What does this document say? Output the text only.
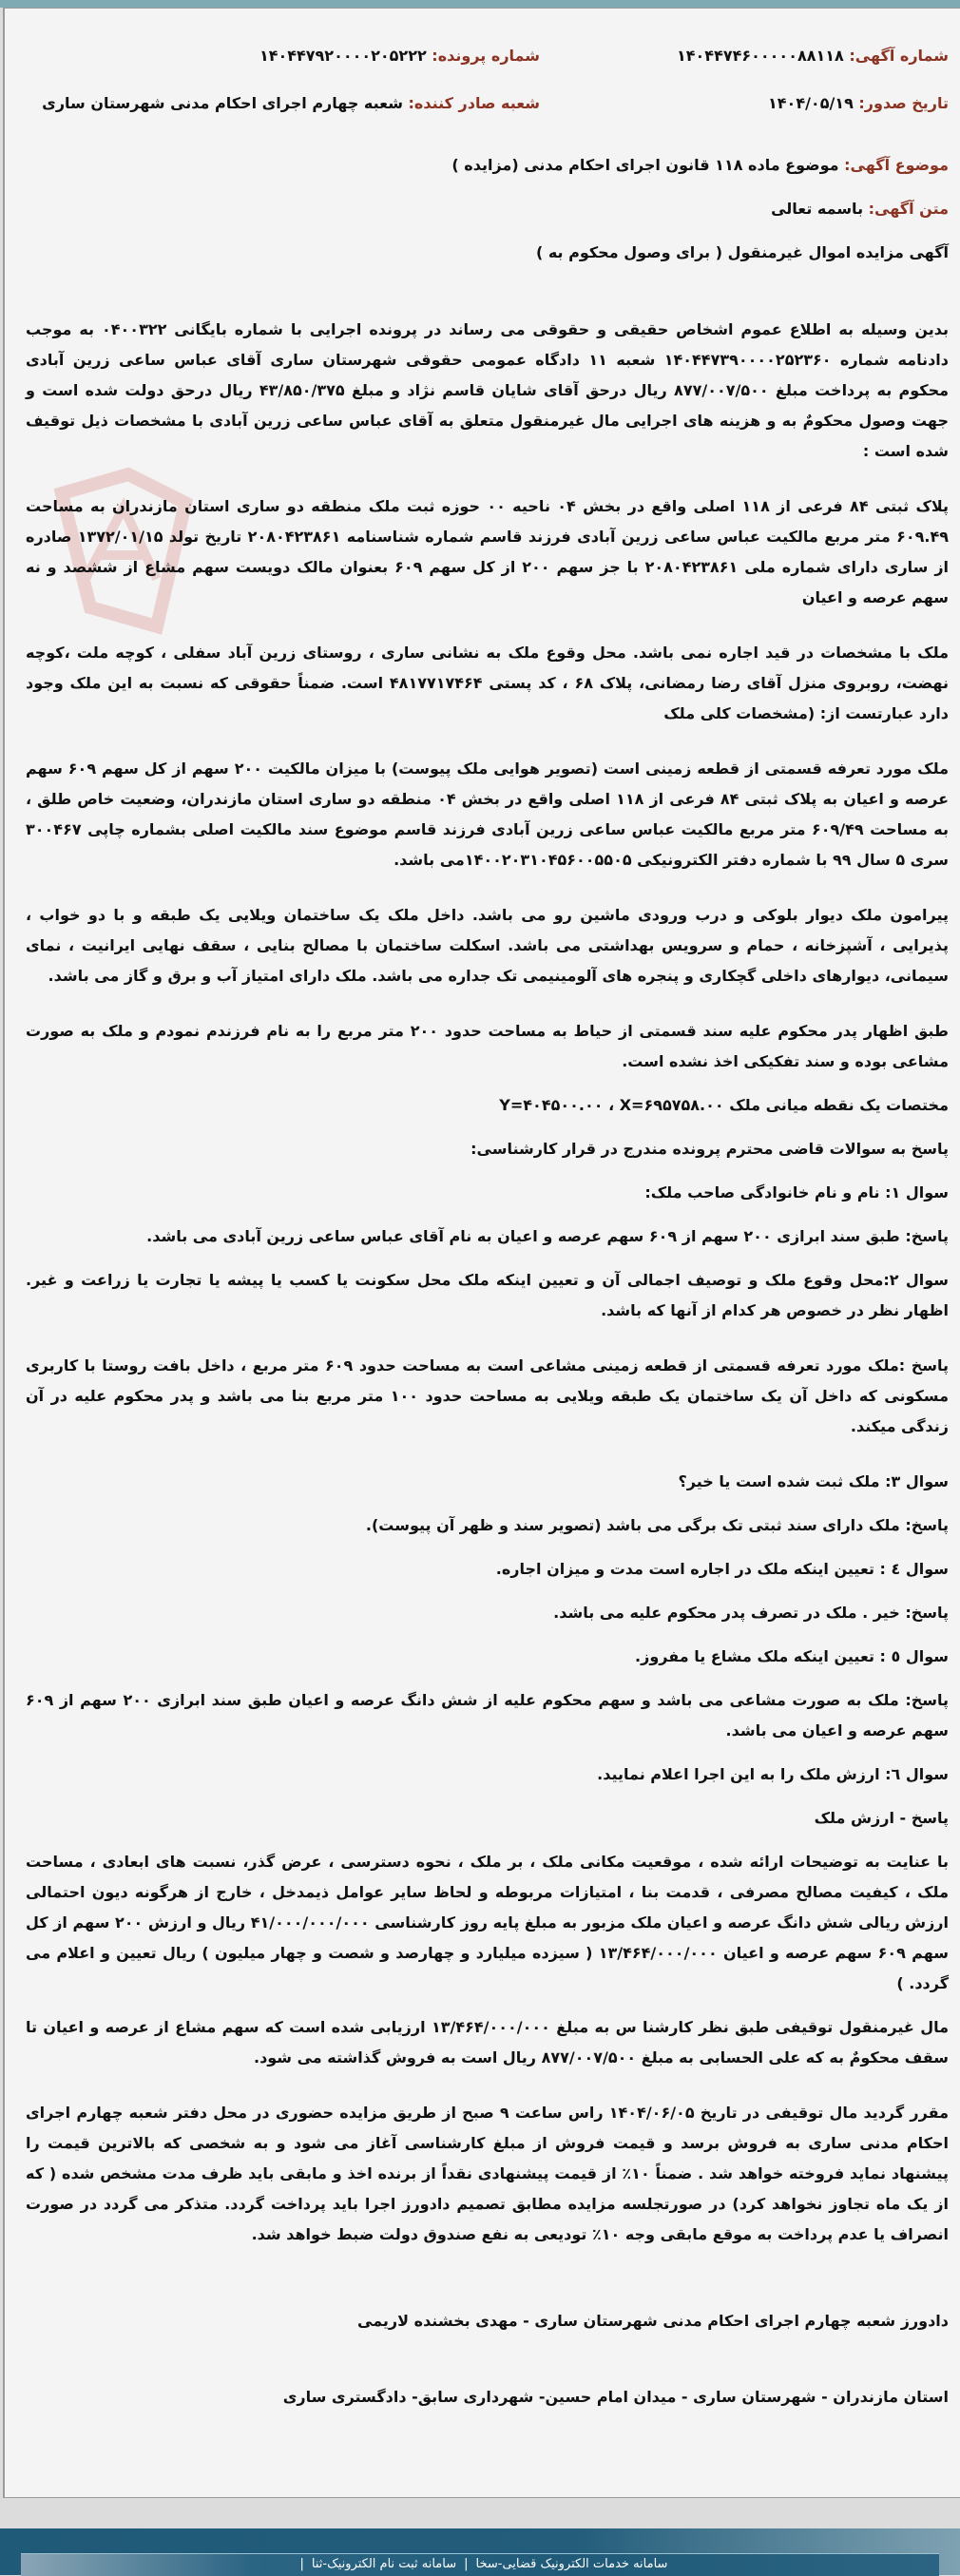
شماره آگهی: ۱۴۰۴۴۷۴۶۰۰۰۰۰۸۸۱۱۸
شماره پرونده: ۱۴۰۴۴۷۹۲۰۰۰۰۲۰۵۲۲۲
تاریخ صدور: ۱۴۰۴/۰۵/۱۹
شعبه صادر کننده: شعبه چهارم اجرای احکام مدنی شهرستان ساری
موضوع آگهی: موضوع ماده ۱۱۸ قانون اجرای احکام مدنی (مزایده )
متن آگهی: باسمه تعالی
آگهی مزایده اموال غیرمنقول ( برای وصول محکوم به )
بدین وسیله به اطلاع عموم اشخاص حقیقی و حقوقی می رساند در پرونده اجرایی با شماره بایگانی ۰۴۰۰۳۲۲ به موجب دادنامه شماره ۱۴۰۴۴۷۳۹۰۰۰۰۲۵۲۳۶۰ شعبه ۱۱ دادگاه عمومی حقوقی شهرستان ساری آقای عباس ساعی زرین آبادی محکوم به پرداخت مبلغ ۸۷۷/۰۰۷/۵۰۰ ریال درحق آقای شایان قاسم نژاد و مبلغ ۴۳/۸۵۰/۳۷۵ ریال درحق دولت شده است و جهت وصول محکومٌ به و هزینه های اجرایی مال غیرمنقول متعلق به آقای عباس ساعی زرین آبادی با مشخصات ذیل توقیف شده است :
پلاک ثبتی ۸۴ فرعی از ۱۱۸ اصلی واقع در بخش ۰۴ ناحیه ۰۰ حوزه ثبت ملک منطقه دو ساری استان مازندران به مساحت ۶۰۹.۴۹ متر مربع مالکیت عباس ساعی زرین آبادی فرزند قاسم شماره شناسنامه ۲۰۸۰۴۲۳۸۶۱ تاریخ تولد ۱۳۷۲/۰۱/۱۵ صادره از ساری دارای شماره ملی ۲۰۸۰۴۲۳۸۶۱ با جز سهم ۲۰۰ از کل سهم ۶۰۹ بعنوان مالک دویست سهم مشاع از ششصد و نه سهم عرصه و اعیان
ملک با مشخصات در قید اجاره نمی باشد. محل وقوع ملک به نشانی ساری ، روستای زرین آباد سفلی ، کوچه ملت ،کوچه نهضت، روبروی منزل آقای رضا رمضانی، پلاک ۶۸ ، کد پستی ۴۸۱۷۷۱۷۴۶۴ است. ضمناً حقوقی که نسبت به این ملک وجود دارد عبارتست از: (مشخصات کلی ملک
ملک مورد تعرفه قسمتی از قطعه زمینی است (تصویر هوایی ملک پیوست) با میزان مالکیت ۲۰۰ سهم از کل سهم ۶۰۹ سهم عرصه و اعیان به پلاک ثبتی ۸۴ فرعی از ۱۱۸ اصلی واقع در بخش ۰۴ منطقه دو ساری استان مازندران، وضعیت خاص طلق ، به مساحت ۶۰۹/۴۹ متر مربع مالکیت عباس ساعی زرین آبادی فرزند قاسم موضوع سند مالکیت اصلی بشماره چاپی ۳۰۰۴۶۷ سری ۵ سال ۹۹ با شماره دفتر الکترونیکی ۱۴۰۰۲۰۳۱۰۴۵۶۰۰۵۵۰۵می باشد.
پیرامون ملک دیوار بلوکی و درب ورودی ماشین رو می باشد. داخل ملک یک ساختمان ویلایی یک طبقه و با دو خواب ، پذیرایی ، آشپزخانه ، حمام و سرویس بهداشتی می باشد. اسکلت ساختمان با مصالح بنایی ، سقف نهایی ایرانیت ، نمای سیمانی، دیوارهای داخلی گچکاری و پنجره های آلومینیمی تک جداره می باشد. ملک دارای امتیاز آب و برق و گاز می باشد.
طبق اظهار پدر محکوم علیه سند قسمتی از حیاط به مساحت حدود ۲۰۰ متر مربع را به نام فرزندم نمودم و ملک به صورت مشاعی بوده و سند تفکیکی اخذ نشده است.
مختصات یک نقطه میانی ملک Y=۴۰۴۵۰۰.۰۰ ، X=۶۹۵۷۵۸.۰۰
پاسخ به سوالات قاضی محترم پرونده مندرج در قرار کارشناسی:
سوال ۱: نام و نام خانوادگی صاحب ملک:
پاسخ: طبق سند ابرازی ۲۰۰ سهم از ۶۰۹ سهم عرصه و اعیان به نام آقای عباس ساعی زرین آبادی می باشد.
سوال ۲:محل وقوع ملک و توصیف اجمالی آن و تعیین اینکه ملک محل سکونت یا کسب یا پیشه یا تجارت یا زراعت و غیر. اظهار نظر در خصوص هر کدام از آنها که باشد.
پاسخ :ملک مورد تعرفه قسمتی از قطعه زمینی مشاعی است به مساحت حدود ۶۰۹ متر مربع ، داخل بافت روستا با کاربری مسکونی که داخل آن یک ساختمان یک طبقه ویلایی به مساحت حدود ۱۰۰ متر مربع بنا می باشد و پدر محکوم علیه در آن زندگی میکند.
سوال ۳: ملک ثبت شده است یا خیر؟
پاسخ: ملک دارای سند ثبتی تک برگی می باشد (تصویر سند و ظهر آن پیوست).
سوال ٤ : تعیین اینکه ملک در اجاره است مدت و میزان اجاره.
پاسخ: خیر . ملک در تصرف پدر محکوم علیه می باشد.
سوال ٥ : تعیین اینکه ملک مشاع یا مفروز.
پاسخ: ملک به صورت مشاعی می باشد و سهم محکوم علیه از شش دانگ عرصه و اعیان طبق سند ابرازی ۲۰۰ سهم از ۶۰۹ سهم عرصه و اعیان می باشد.
سوال ٦: ارزش ملک را به این اجرا اعلام نمایید.
پاسخ - ارزش ملک
با عنایت به توضیحات ارائه شده ، موقعیت مکانی ملک ، بر ملک ، نحوه دسترسی ، عرض گذر، نسبت های ابعادی ، مساحت ملک ، کیفیت مصالح مصرفی ، قدمت بنا ، امتیازات مربوطه و لحاظ سایر عوامل ذیمدخل ، خارج از هرگونه دیون احتمالی ارزش ریالی شش دانگ عرصه و اعیان ملک مزبور به مبلغ پایه روز کارشناسی ۴۱/۰۰۰/۰۰۰/۰۰۰ ریال و ارزش ۲۰۰ سهم از کل سهم ۶۰۹ سهم عرصه و اعیان ۱۳/۴۶۴/۰۰۰/۰۰۰ ( سیزده میلیارد و چهارصد و شصت و چهار میلیون ) ریال تعیین و اعلام می گردد. )
مال غیرمنقول توقیفی طبق نظر کارشنا س به مبلغ ۱۳/۴۶۴/۰۰۰/۰۰۰ ارزیابی شده است که سهم مشاع از عرصه و اعیان تا سقف محکومٌ به که علی الحسابی به مبلغ ۸۷۷/۰۰۷/۵۰۰ ریال است به فروش گذاشته می شود.
مقرر گردید مال توقیفی در تاریخ ۱۴۰۴/۰۶/۰۵ راس ساعت ۹ صبح از طریق مزایده حضوری در محل دفتر شعبه چهارم اجرای احکام مدنی ساری به فروش برسد و قیمت فروش از مبلغ کارشناسی آغاز می شود و به شخصی که بالاترین قیمت را پیشنهاد نماید فروخته خواهد شد . ضمناً ۱۰٪ از قیمت پیشنهادی نقداً از برنده اخذ و مابقی باید ظرف مدت مشخص شده ( که از یک ماه تجاوز نخواهد کرد) در صورتجلسه مزایده مطابق تصمیم دادورز اجرا باید پرداخت گردد. متذکر می گردد در صورت انصراف یا عدم پرداخت به موقع مابقی وجه ۱۰٪ تودیعی به نفع صندوق دولت ضبط خواهد شد.
دادورز شعبه چهارم اجرای احکام مدنی شهرستان ساری - مهدی بخشنده لاریمی
استان مازندران - شهرستان ساری - میدان امام حسین- شهرداری سابق- دادگستری ساری
سامانه خدمات الکترونیک قضایی-سخا|سامانه ثبت نام الکترونیک-ثنا|
